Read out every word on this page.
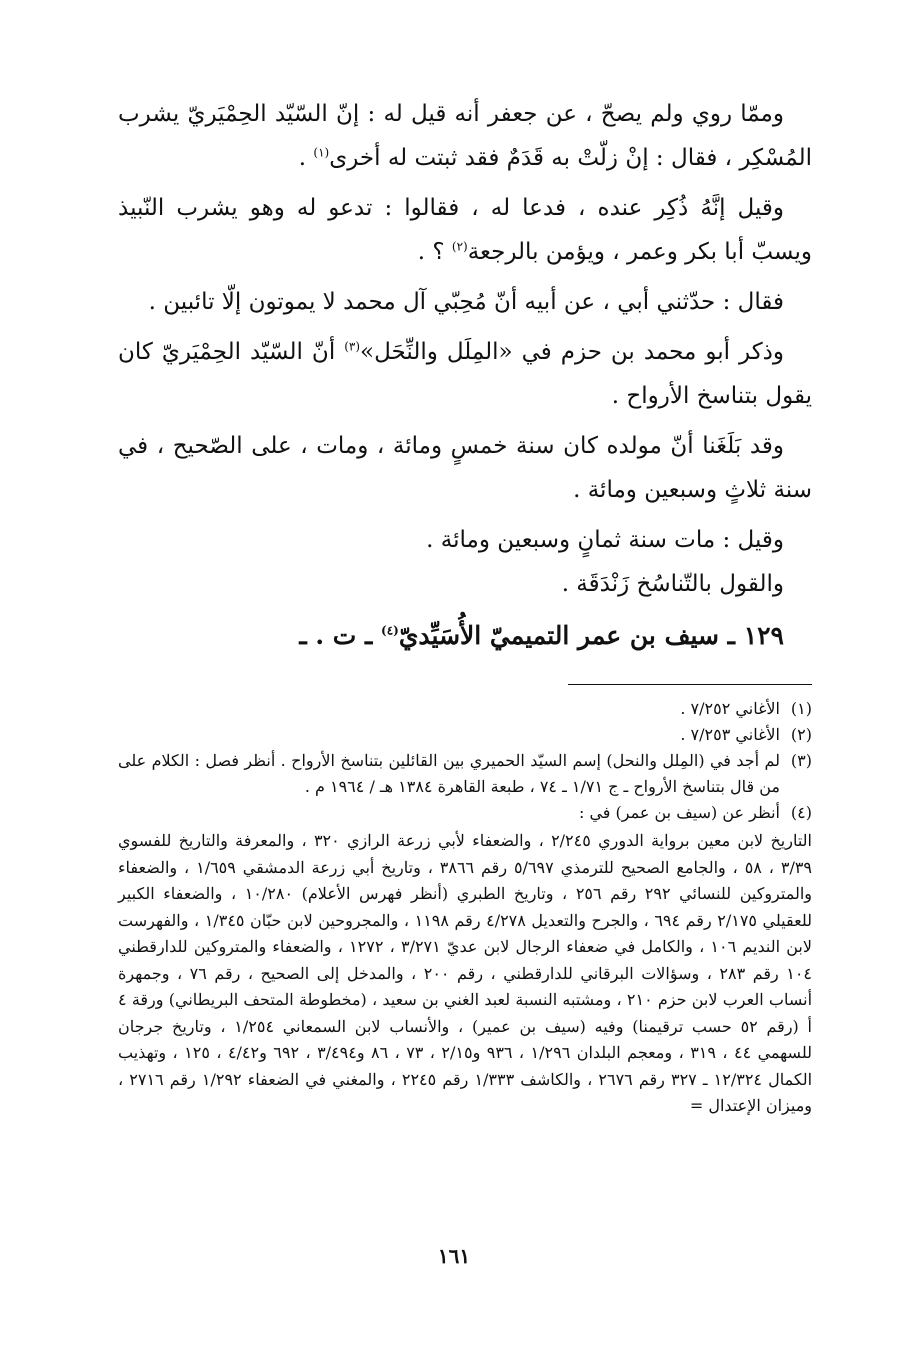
وممّا روي ولم يصحّ ، عن جعفر أنه قيل له : إنّ السّيّد الحِمْيَريّ يشرب المُسْكِر ، فقال : إنْ زلّتْ به قَدَمٌ فقد ثبتت له أخرى$^{(١)}$ .

وقيل إنَّهُ ذُكِر عنده ، فدعا له ، فقالوا : تدعو له وهو يشرب النّبيذ ويسبّ أبا بكر وعمر ، ويؤمن بالرجعة$^{(٢)}$ ؟ .

فقال : حدّثني أبي ، عن أبيه أنّ مُحِبّي آل محمد لا يموتون إلّا تائبين .

وذكر أبو محمد بن حزم في «المِلَل والنِّحَل»$^{(٣)}$ أنّ السّيّد الحِمْيَريّ كان يقول بتناسخ الأرواح .

وقد بَلَغَنا أنّ مولده كان سنة خمسٍ ومائة ، ومات ، على الصّحيح ، في سنة ثلاثٍ وسبعين ومائة .

وقيل : مات سنة ثمانٍ وسبعين ومائة .
والقول بالتّناسُخ زَنْدَقَة .
١٢٩ ـ سيف بن عمر التميميّ الأُسَيِّديّ$^{(٤)}$ ـ ت . ـ
(١)
الأغاني ٧/٢٥٢ .
(٢)
الأغاني ٧/٢٥٣ .
(٣)
لم أجد في (المِلل والنحل) إسم السيّد الحميري بين القائلين بتناسخ الأرواح . أنظر فصل : الكلام على من قال بتناسخ الأرواح ـ ج ١/٧١ ـ ٧٤ ، طبعة القاهرة ١٣٨٤ هـ / ١٩٦٤ م .
(٤)
أنظر عن (سيف بن عمر) في :
التاريخ لابن معين برواية الدوري ٢/٢٤٥ ، والضعفاء لأبي زرعة الرازي ٣٢٠ ، والمعرفة والتاريخ للفسوي ٣/٣٩ ، ٥٨ ، والجامع الصحيح للترمذي ٥/٦٩٧ رقم ٣٨٦٦ ، وتاريخ أبي زرعة الدمشقي ١/٦٥٩ ، والضعفاء والمتروكين للنسائي ٢٩٢ رقم ٢٥٦ ، وتاريخ الطبري (أنظر فهرس الأعلام) ١٠/٢٨٠ ، والضعفاء الكبير للعقيلي ٢/١٧٥ رقم ٦٩٤ ، والجرح والتعديل ٤/٢٧٨ رقم ١١٩٨ ، والمجروحين لابن حبّان ١/٣٤٥ ، والفهرست لابن النديم ١٠٦ ، والكامل في ضعفاء الرجال لابن عديّ ٣/٢٧١ ، ١٢٧٢ ، والضعفاء والمتروكين للدارقطني ١٠٤ رقم ٢٨٣ ، وسؤالات البرقاني للدارقطني ، رقم ٢٠٠ ، والمدخل إلى الصحيح ، رقم ٧٦ ، وجمهرة أنساب العرب لابن حزم ٢١٠ ، ومشتبه النسبة لعبد الغني بن سعيد ، (مخطوطة المتحف البريطاني) ورقة ٤ أ (رقم ٥٢ حسب ترقيمنا) وفيه (سيف بن عمير) ، والأنساب لابن السمعاني ١/٢٥٤ ، وتاريخ جرجان للسهمي ٤٤ ، ٣١٩ ، ومعجم البلدان ١/٢٩٦ ، ٩٣٦ و٢/١٥ ، ٧٣ ، ٨٦ و٣/٤٩٤ ، ٦٩٢ و٤/٤٢ ، ١٢٥ ، وتهذيب الكمال ١٢/٣٢٤ ـ ٣٢٧ رقم ٢٦٧٦ ، والكاشف ١/٣٣٣ رقم ٢٢٤٥ ، والمغني في الضعفاء ١/٢٩٢ رقم ٢٧١٦ ، وميزان الإعتدال =
١٦١
